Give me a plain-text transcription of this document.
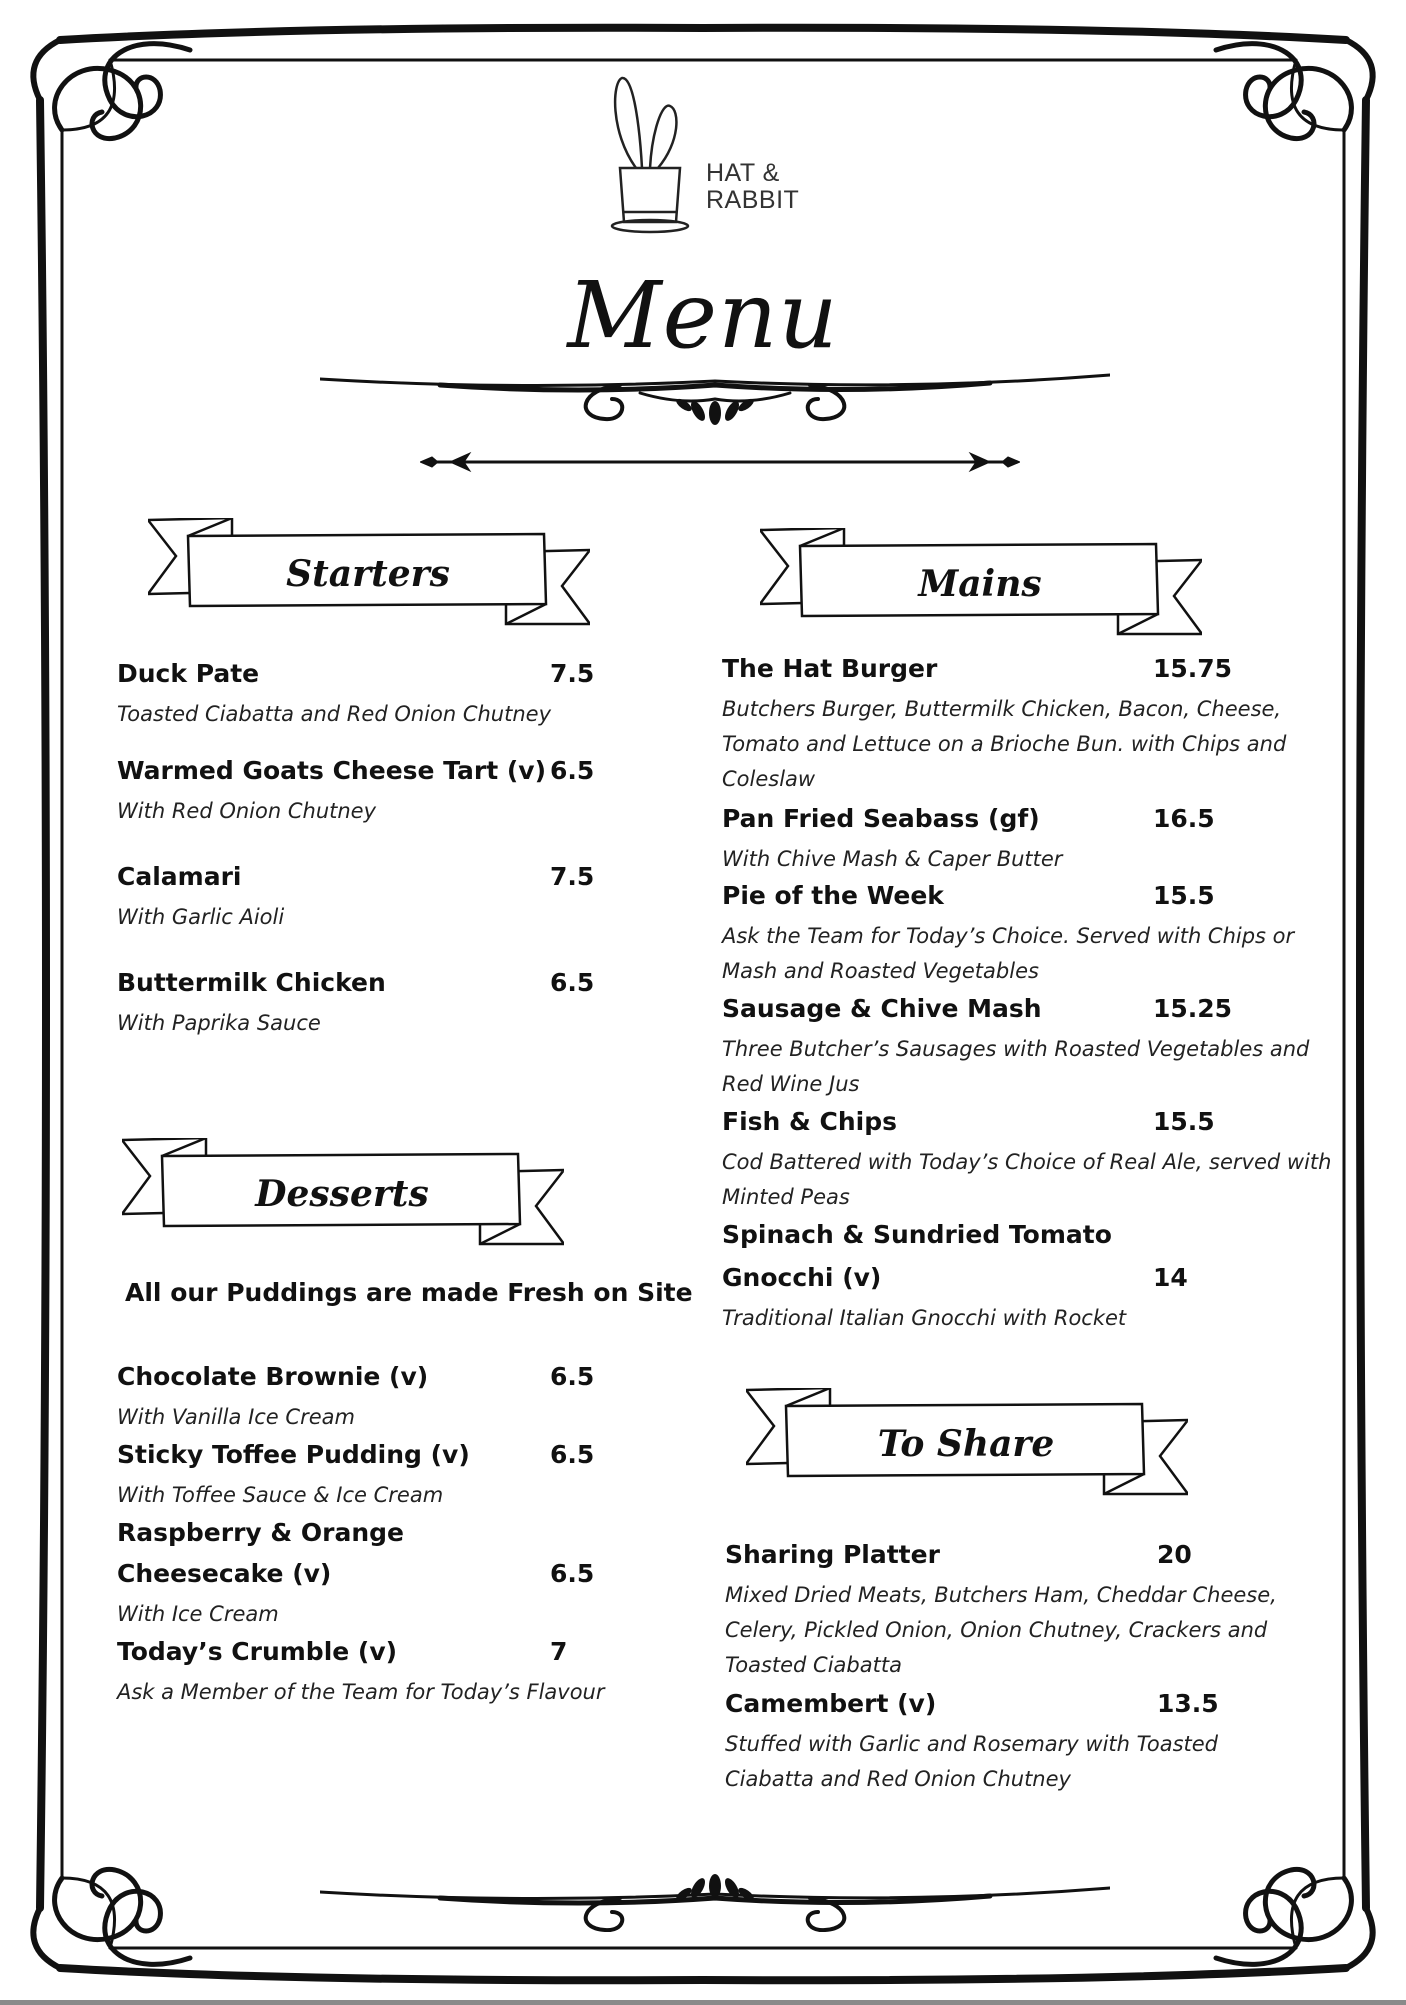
HAT &
RABBIT
Menu
Starters	Mains
Desserts
To Share
Duck Pate	7.5
Toasted Ciabatta and Red Onion Chutney
Warmed Goats Cheese Tart (v) 6.5
With Red Onion Chutney
Calamari	7.5
With Garlic Aioli
Buttermilk Chicken	6.5
With Paprika Sauce
All our Puddings are made Fresh on Site
Chocolate Brownie (v)	6.5
With Vanilla Ice Cream
Sticky Toffee Pudding (v)	6.5
With Toffee Sauce & Ice Cream
Raspberry & Orange
Cheesecake (v)	6.5
With Ice Cream
Today’s Crumble (v)	7
Ask a Member of the Team for Today’s Flavour
The Hat Burger	15.75
Butchers Burger, Buttermilk Chicken, Bacon, Cheese,
Tomato and Lettuce on a Brioche Bun. with Chips and
Coleslaw
Pan Fried Seabass (gf)	16.5
With Chive Mash & Caper Butter
Pie of the Week	15.5
Ask the Team for Today’s Choice. Served with Chips or
Mash and Roasted Vegetables
Sausage & Chive Mash	15.25
Three Butcher’s Sausages with Roasted Vegetables and
Red Wine Jus
Fish & Chips	15.5
Cod Battered with Today’s Choice of Real Ale, served with
Minted Peas
Spinach & Sundried Tomato
Gnocchi (v)	14
Traditional Italian Gnocchi with Rocket
Sharing Platter	20
Mixed Dried Meats, Butchers Ham, Cheddar Cheese,
Celery, Pickled Onion, Onion Chutney, Crackers and
Toasted Ciabatta
Camembert (v)	13.5
Stuffed with Garlic and Rosemary with Toasted
Ciabatta and Red Onion Chutney
